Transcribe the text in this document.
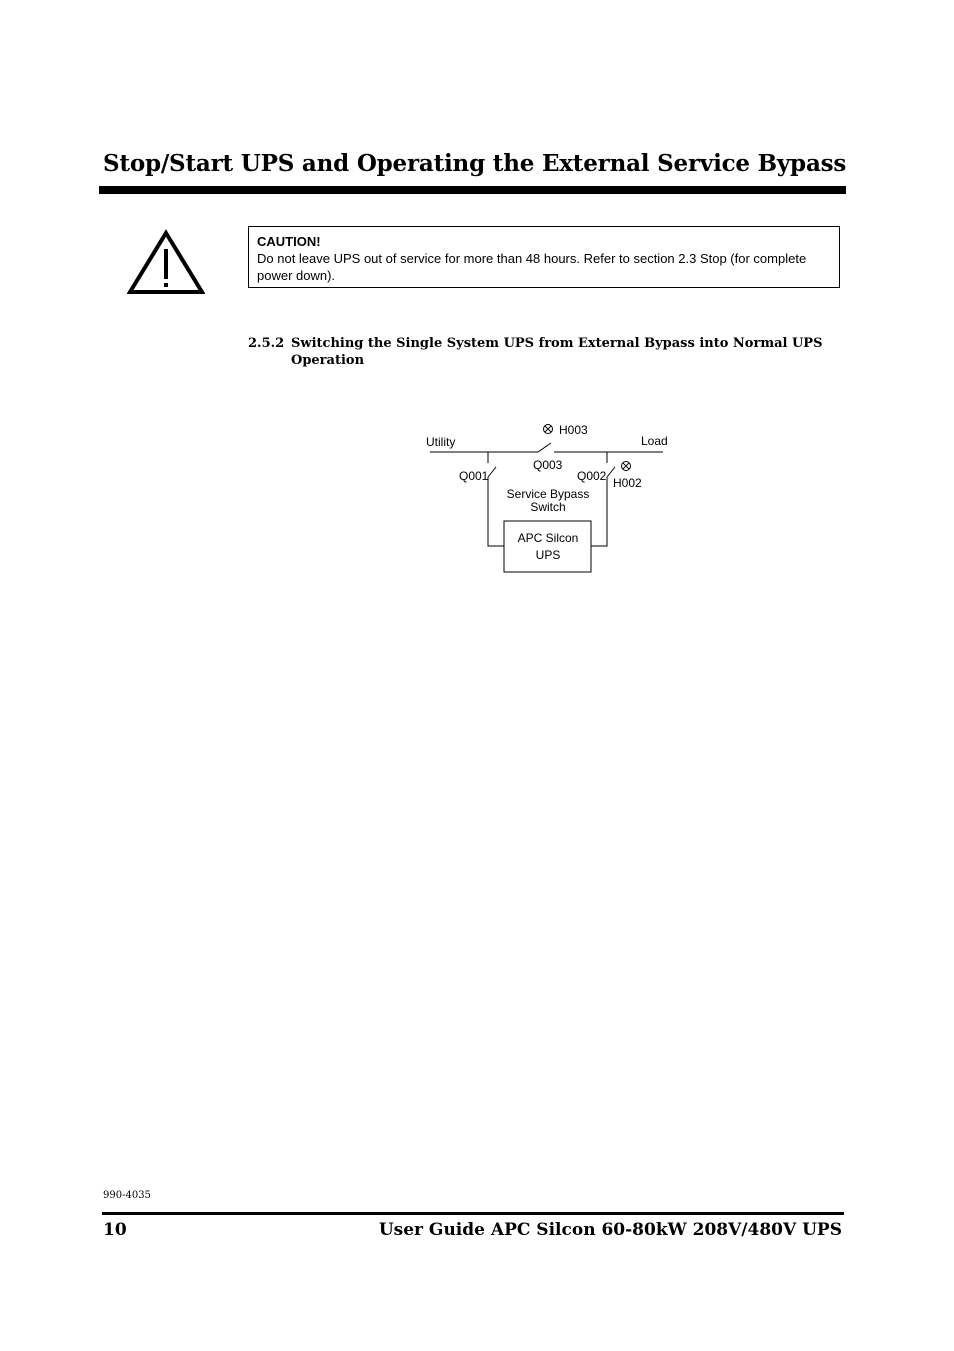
Stop/Start UPS and Operating the External Service Bypass
CAUTION!
Do not leave UPS out of service for more than 48 hours. Refer to section 2.3 Stop (for complete power down).
2.5.2 Switching the Single System UPS from External Bypass into Normal UPS Operation
Utility	Load
H003
Q003
Q001	Q002 H002
Service Bypass
Switch
APC Silcon
UPS
990-4035
10	User Guide APC Silcon 60-80kW 208V/480V UPS
